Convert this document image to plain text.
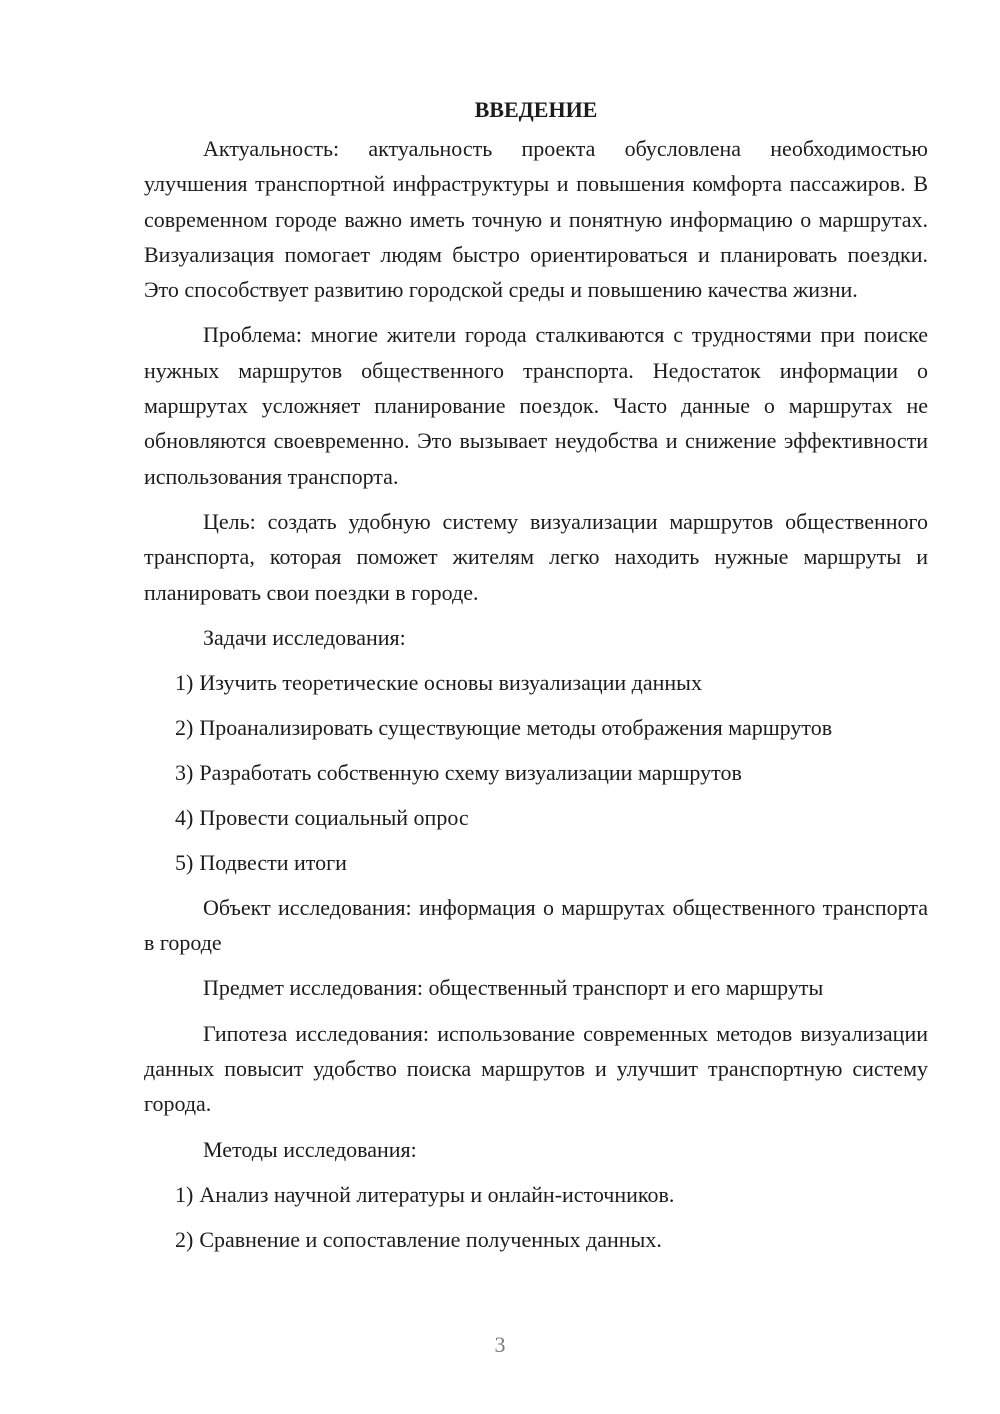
ВВЕДЕНИЕ

Актуальность: актуальность проекта обусловлена необходимостью улучшения транспортной инфраструктуры и повышения комфорта пассажиров. В современном городе важно иметь точную и понятную информацию о маршрутах. Визуализация помогает людям быстро ориентироваться и планировать поездки. Это способствует развитию городской среды и повышению качества жизни.

Проблема: многие жители города сталкиваются с трудностями при поиске нужных маршрутов общественного транспорта. Недостаток информации о маршрутах усложняет планирование поездок. Часто данные о маршрутах не обновляются своевременно. Это вызывает неудобства и снижение эффективности использования транспорта.

Цель: создать удобную систему визуализации маршрутов общественного транспорта, которая поможет жителям легко находить нужные маршруты и планировать свои поездки в городе.

Задачи исследования:
1) Изучить теоретические основы визуализации данных
2) Проанализировать существующие методы отображения маршрутов
3) Разработать собственную схему визуализации маршрутов
4) Провести социальный опрос
5) Подвести итоги

Объект исследования: информация о маршрутах общественного транспорта в городе

Предмет исследования: общественный транспорт и его маршруты

Гипотеза исследования: использование современных методов визуализации данных повысит удобство поиска маршрутов и улучшит транспортную систему города.

Методы исследования:
1) Анализ научной литературы и онлайн-источников.
2) Сравнение и сопоставление полученных данных.
3
